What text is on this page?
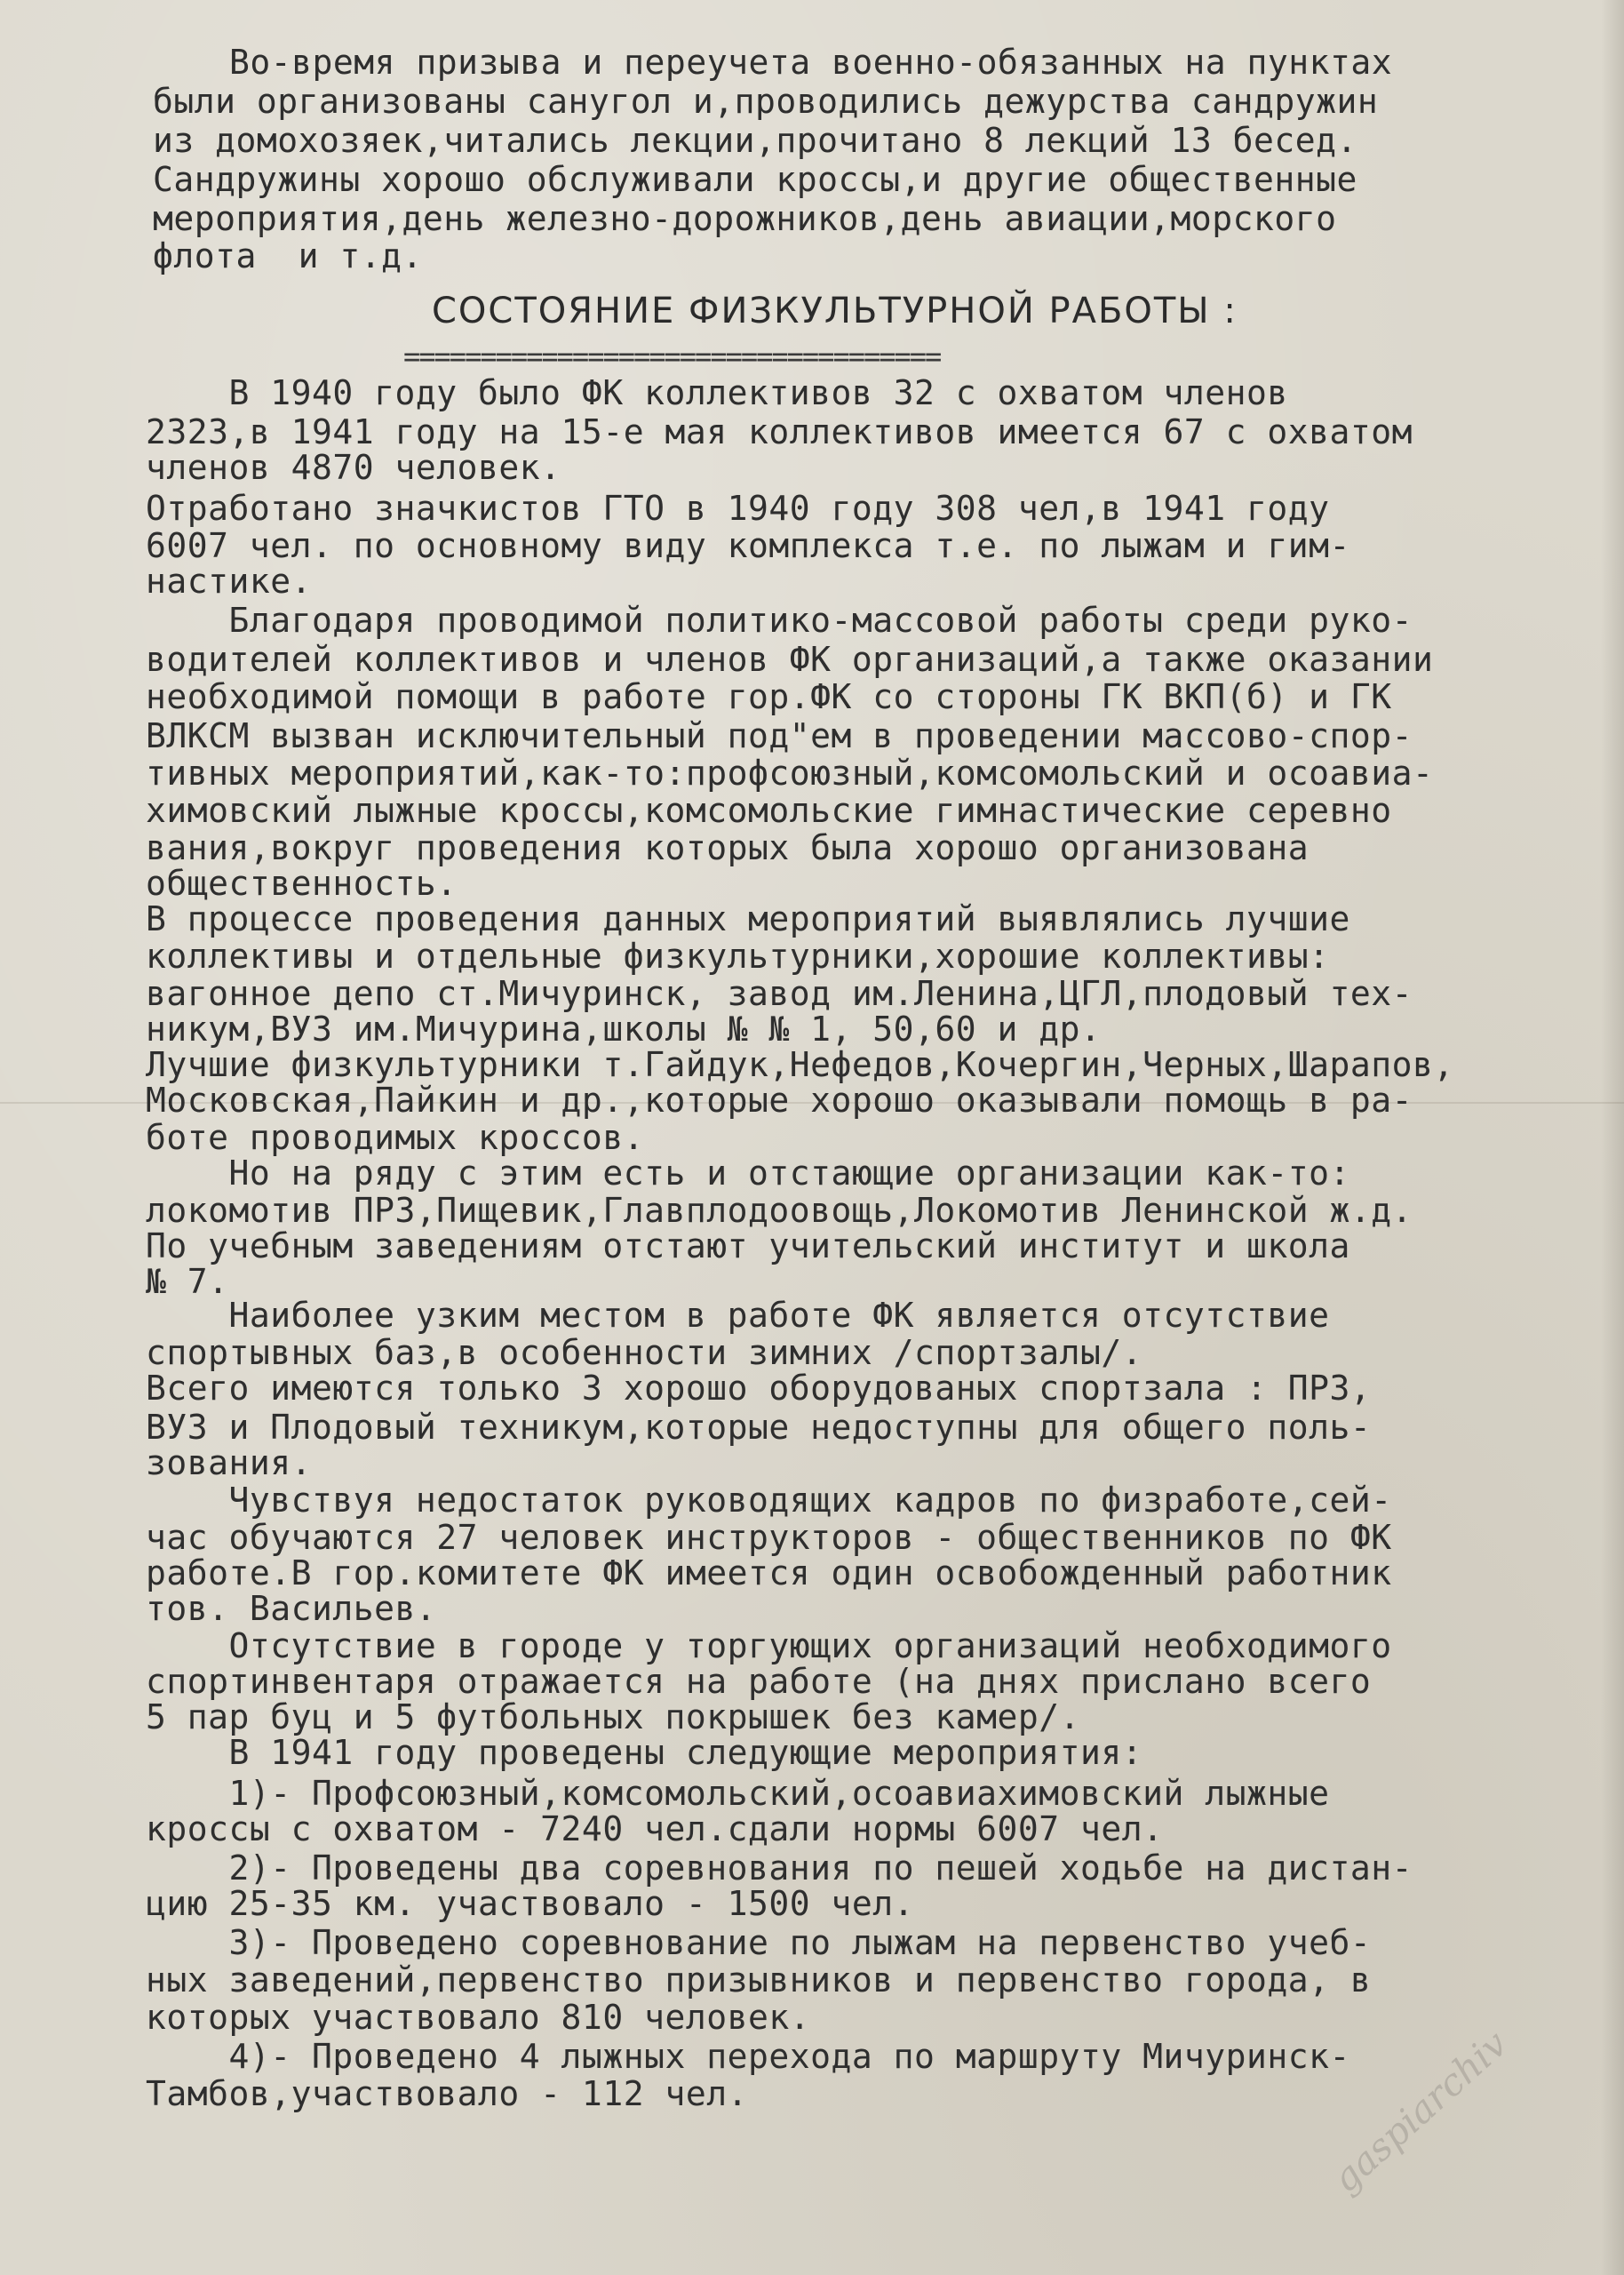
Во-время призыва и переучета военно-обязанных на пунктах
были организованы санугол и,проводились дежурства сандружин
из домохозяек,читались лекции,прочитано 8 лекций 13 бесед.
Сандружины хорошо обслуживали кроссы,и другие общественные
мероприятия,день железно-дорожников,день авиации,морского
флота  и т.д.
СОСТОЯНИЕ ФИЗКУЛЬТУРНОЙ РАБОТЫ :
===================================
В 1940 году было ФК коллективов 32 с охватом членов
2323,в 1941 году на 15-е мая коллективов имеется 67 с охватом
членов 4870 человек.
Отработано значкистов ГТО в 1940 году 308 чел,в 1941 году
6007 чел. по основному виду комплекса т.е. по лыжам и гим-
настике.
Благодаря проводимой политико-массовой работы среди руко-
водителей коллективов и членов ФК организаций,а также оказании
необходимой помощи в работе гор.ФК со стороны ГК ВКП(б) и ГК
ВЛКСМ вызван исключительный под"ем в проведении массово-спор-
тивных мероприятий,как-то:профсоюзный,комсомольский и осоавиа-
химовский лыжные кроссы,комсомольские гимнастические серевно
вания,вокруг проведения которых была хорошо организована
общественность.
В процессе проведения данных мероприятий выявлялись лучшие
коллективы и отдельные физкультурники,хорошие коллективы:
вагонное депо ст.Мичуринск, завод им.Ленина,ЦГЛ,плодовый тех-
никум,ВУЗ им.Мичурина,школы № № 1, 50,60 и др.
Лучшие физкультурники т.Гайдук,Нефедов,Кочергин,Черных,Шарапов,
Московская,Пайкин и др.,которые хорошо оказывали помощь в ра-
боте проводимых кроссов.
Но на ряду с этим есть и отстающие организации как-то:
локомотив ПРЗ,Пищевик,Главплодоовощь,Локомотив Ленинской ж.д.
По учебным заведениям отстают учительский институт и школа
№ 7.
Наиболее узким местом в работе ФК является отсутствие
спортывных баз,в особенности зимних /спортзалы/.
Всего имеются только 3 хорошо оборудованых спортзала : ПРЗ,
ВУЗ и Плодовый техникум,которые недоступны для общего поль-
зования.
Чувствуя недостаток руководящих кадров по физработе,сей-
час обучаются 27 человек инструкторов - общественников по ФК
работе.В гор.комитете ФК имеется один освобожденный работник
тов. Васильев.
Отсутствие в городе у торгующих организаций необходимого
спортинвентаря отражается на работе (на днях прислано всего
5 пар буц и 5 футбольных покрышек без камер/.
В 1941 году проведены следующие мероприятия:
1)- Профсоюзный,комсомольский,осоавиахимовский лыжные
кроссы с охватом - 7240 чел.сдали нормы 6007 чел.
2)- Проведены два соревнования по пешей ходьбе на дистан-
цию 25-35 км. участвовало - 1500 чел.
3)- Проведено соревнование по лыжам на первенство учеб-
ных заведений,первенство призывников и первенство города, в
которых участвовало 810 человек.
4)- Проведено 4 лыжных перехода по маршруту Мичуринск-
Тамбов,участвовало - 112 чел.	gaspiarchiv
